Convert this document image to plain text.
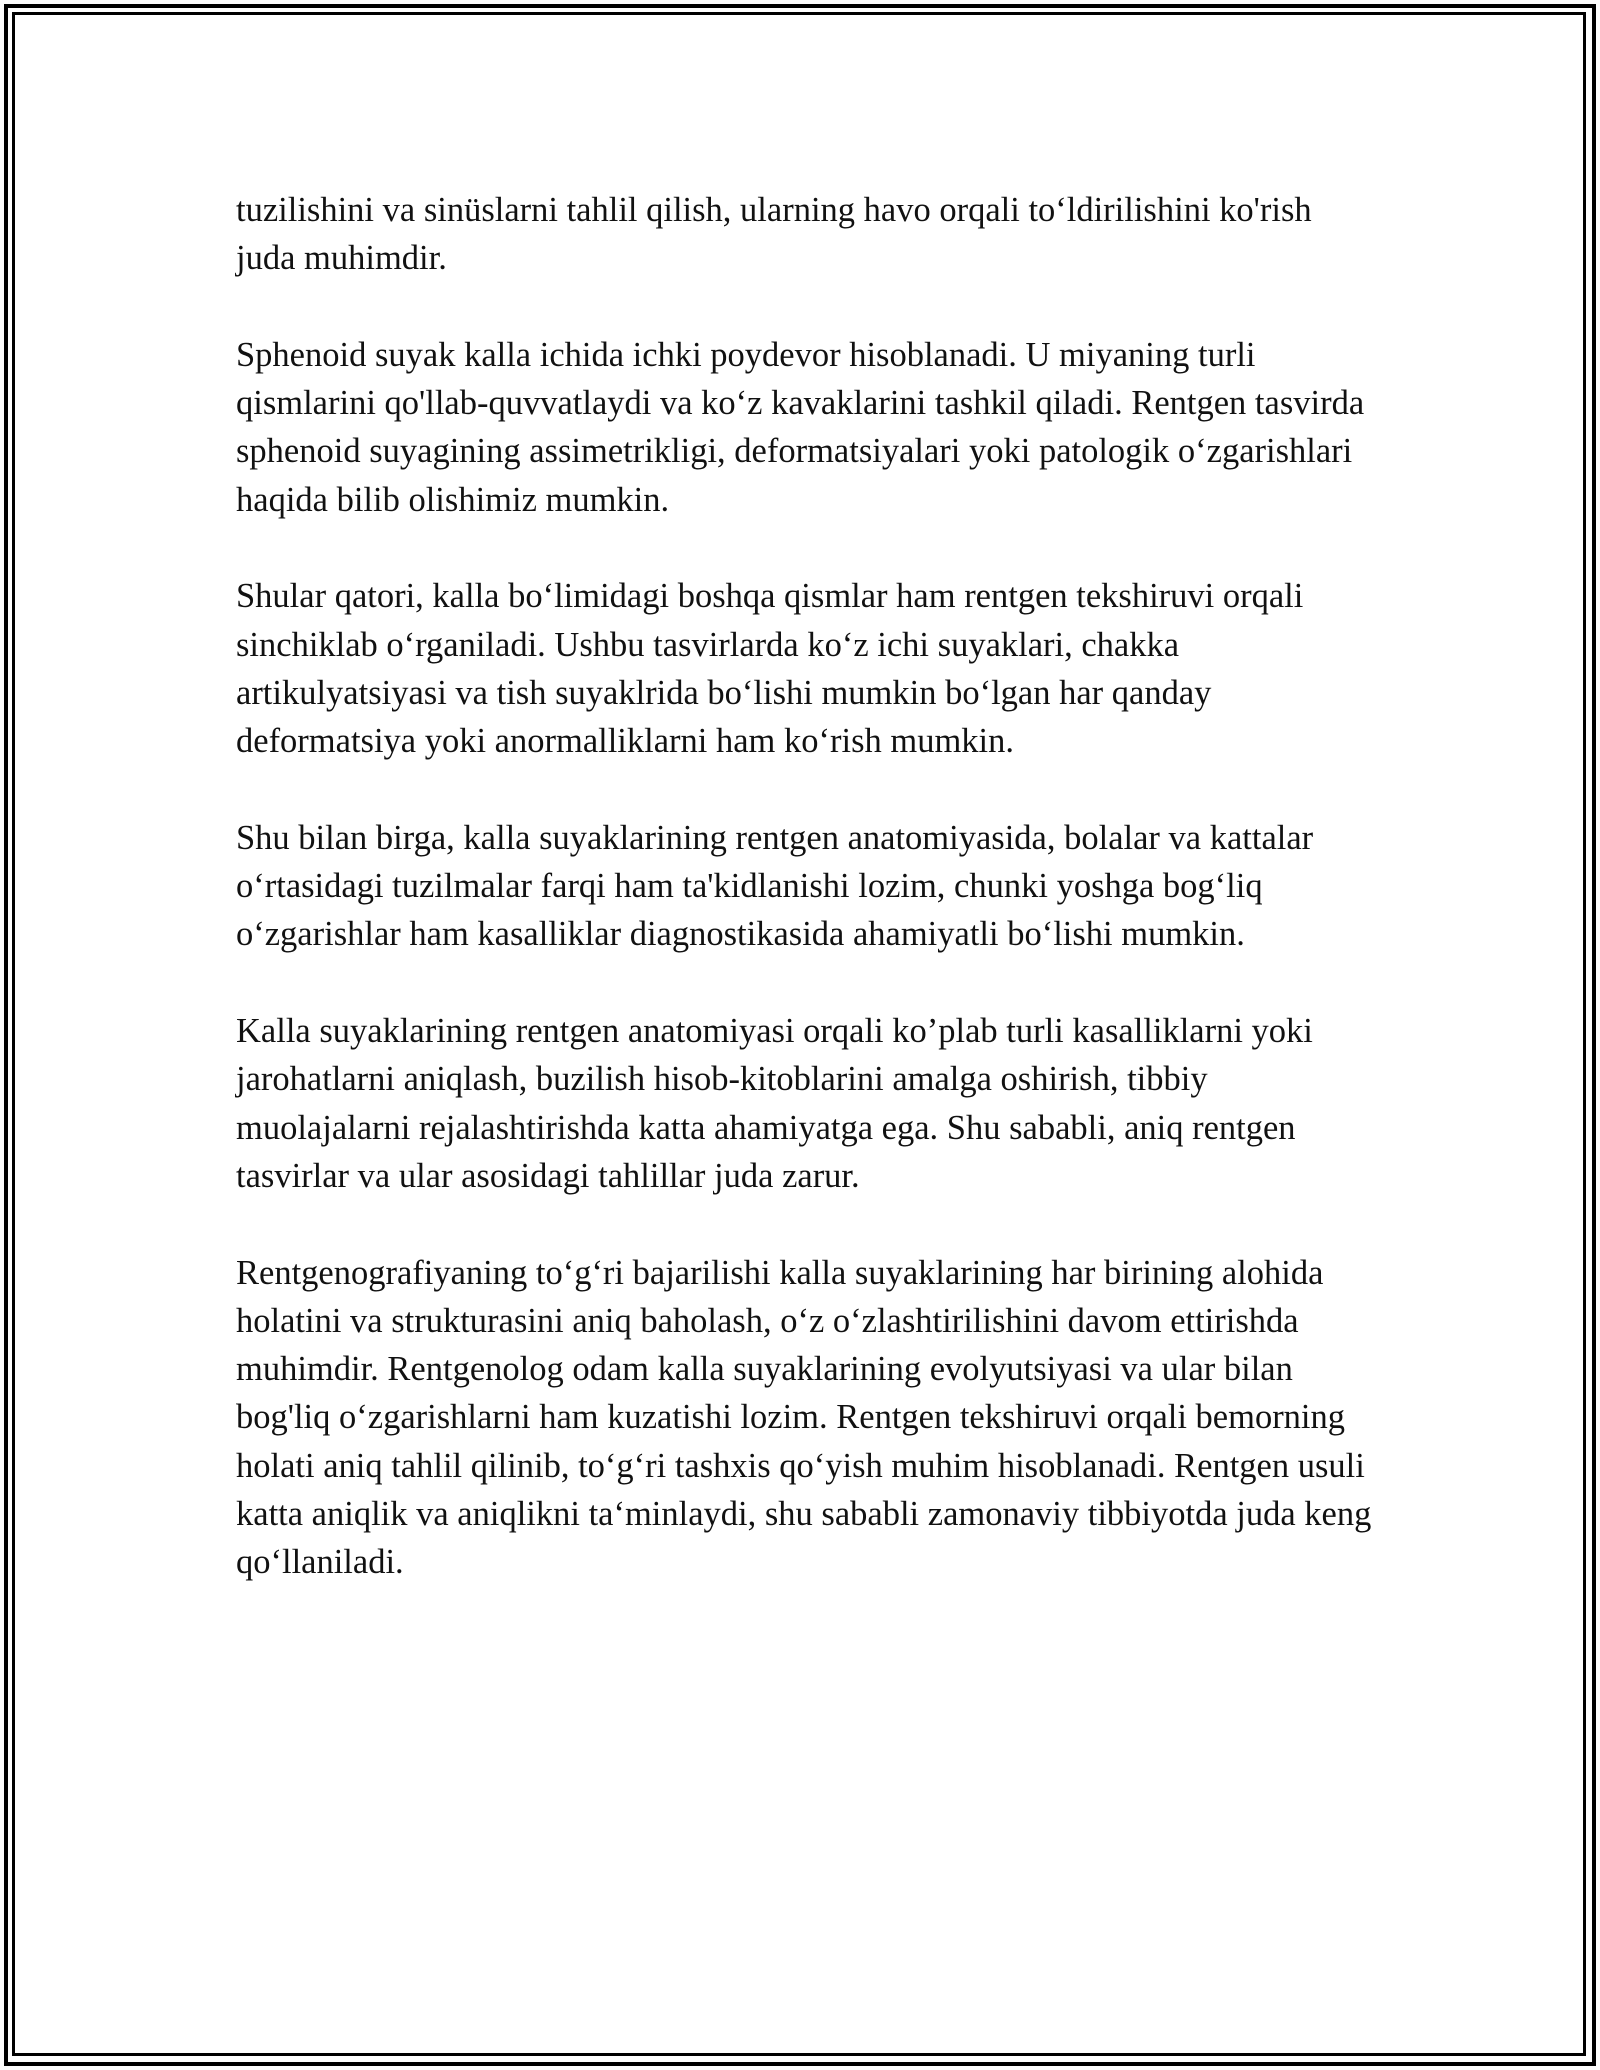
tuzilishini va sinüslarni tahlil qilish, ularning havo orqali to‘ldirilishini ko'rish juda muhimdir.

Sphenoid suyak kalla ichida ichki poydevor hisoblanadi. U miyaning turli qismlarini qo'llab-quvvatlaydi va ko‘z kavaklarini tashkil qiladi. Rentgen tasvirda sphenoid suyagining assimetrikligi, deformatsiyalari yoki patologik o‘zgarishlari haqida bilib olishimiz mumkin.

Shular qatori, kalla bo‘limidagi boshqa qismlar ham rentgen tekshiruvi orqali sinchiklab o‘rganiladi. Ushbu tasvirlarda ko‘z ichi suyaklari, chakka artikulyatsiyasi va tish suyaklrida bo‘lishi mumkin bo‘lgan har qanday deformatsiya yoki anormalliklarni ham ko‘rish mumkin.

Shu bilan birga, kalla suyaklarining rentgen anatomiyasida, bolalar va kattalar o‘rtasidagi tuzilmalar farqi ham ta'kidlanishi lozim, chunki yoshga bog‘liq o‘zgarishlar ham kasalliklar diagnostikasida ahamiyatli bo‘lishi mumkin.

Kalla suyaklarining rentgen anatomiyasi orqali ko’plab turli kasalliklarni yoki jarohatlarni aniqlash, buzilish hisob-kitoblarini amalga oshirish, tibbiy muolajalarni rejalashtirishda katta ahamiyatga ega. Shu sababli, aniq rentgen tasvirlar va ular asosidagi tahlillar juda zarur.

Rentgenografiyaning to‘g‘ri bajarilishi kalla suyaklarining har birining alohida holatini va strukturasini aniq baholash, o‘z o‘zlashtirilishini davom ettirishda muhimdir. Rentgenolog odam kalla suyaklarining evolyutsiyasi va ular bilan bog'liq o‘zgarishlarni ham kuzatishi lozim. Rentgen tekshiruvi orqali bemorning holati aniq tahlil qilinib, to‘g‘ri tashxis qo‘yish muhim hisoblanadi. Rentgen usuli katta aniqlik va aniqlikni ta‘minlaydi, shu sababli zamonaviy tibbiyotda juda keng qo‘llaniladi.
